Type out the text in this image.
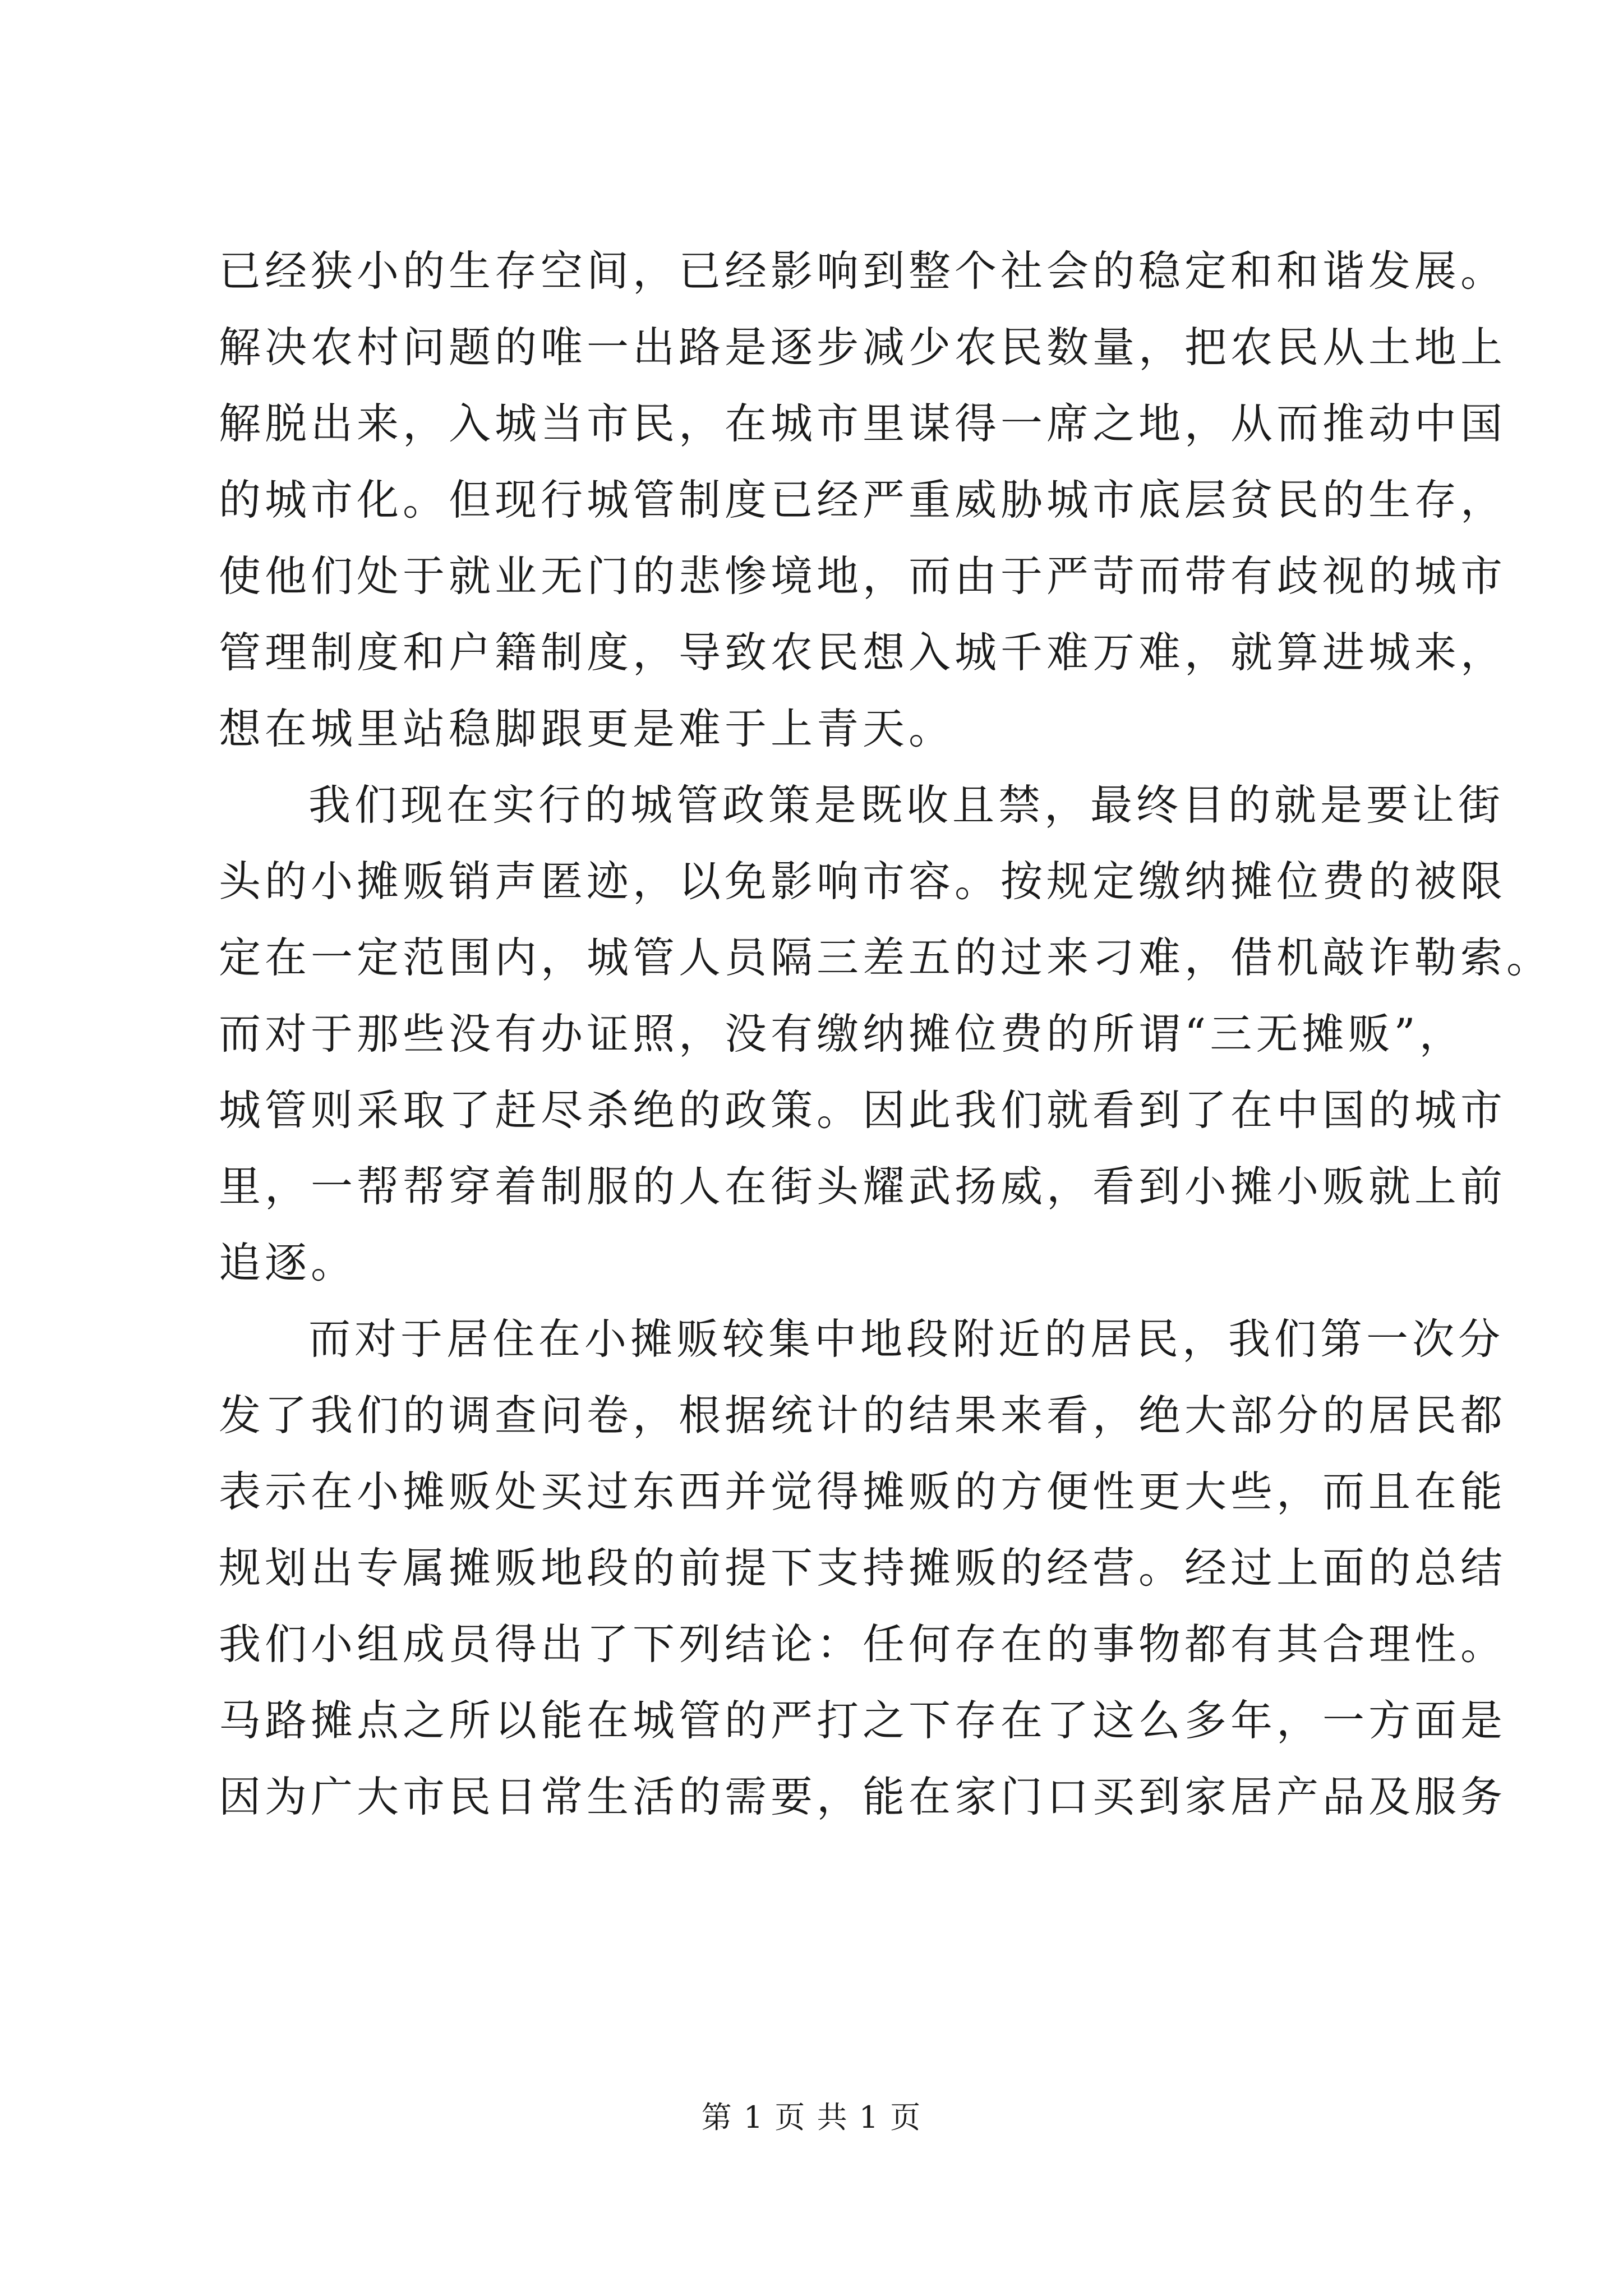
已经狭小的生存空间，已经影响到整个社会的稳定和和谐发展。
解决农村问题的唯一出路是逐步减少农民数量，把农民从土地上
解脱出来，入城当市民，在城市里谋得一席之地，从而推动中国
的城市化。但现行城管制度已经严重威胁城市底层贫民的生存，
使他们处于就业无门的悲惨境地，而由于严苛而带有歧视的城市
管理制度和户籍制度，导致农民想入城千难万难，就算进城来，
想在城里站稳脚跟更是难于上青天。
我们现在实行的城管政策是既收且禁，最终目的就是要让街
头的小摊贩销声匿迹，以免影响市容。按规定缴纳摊位费的被限
定在一定范围内，城管人员隔三差五的过来刁难，借机敲诈勒索。
而对于那些没有办证照，没有缴纳摊位费的所谓“三无摊贩”，
城管则采取了赶尽杀绝的政策。因此我们就看到了在中国的城市
里，一帮帮穿着制服的人在街头耀武扬威，看到小摊小贩就上前
追逐。
而对于居住在小摊贩较集中地段附近的居民，我们第一次分
发了我们的调查问卷，根据统计的结果来看，绝大部分的居民都
表示在小摊贩处买过东西并觉得摊贩的方便性更大些，而且在能
规划出专属摊贩地段的前提下支持摊贩的经营。经过上面的总结
我们小组成员得出了下列结论：任何存在的事物都有其合理性。
马路摊点之所以能在城管的严打之下存在了这么多年，一方面是
因为广大市民日常生活的需要，能在家门口买到家居产品及服务
第 1 页 共 1 页
